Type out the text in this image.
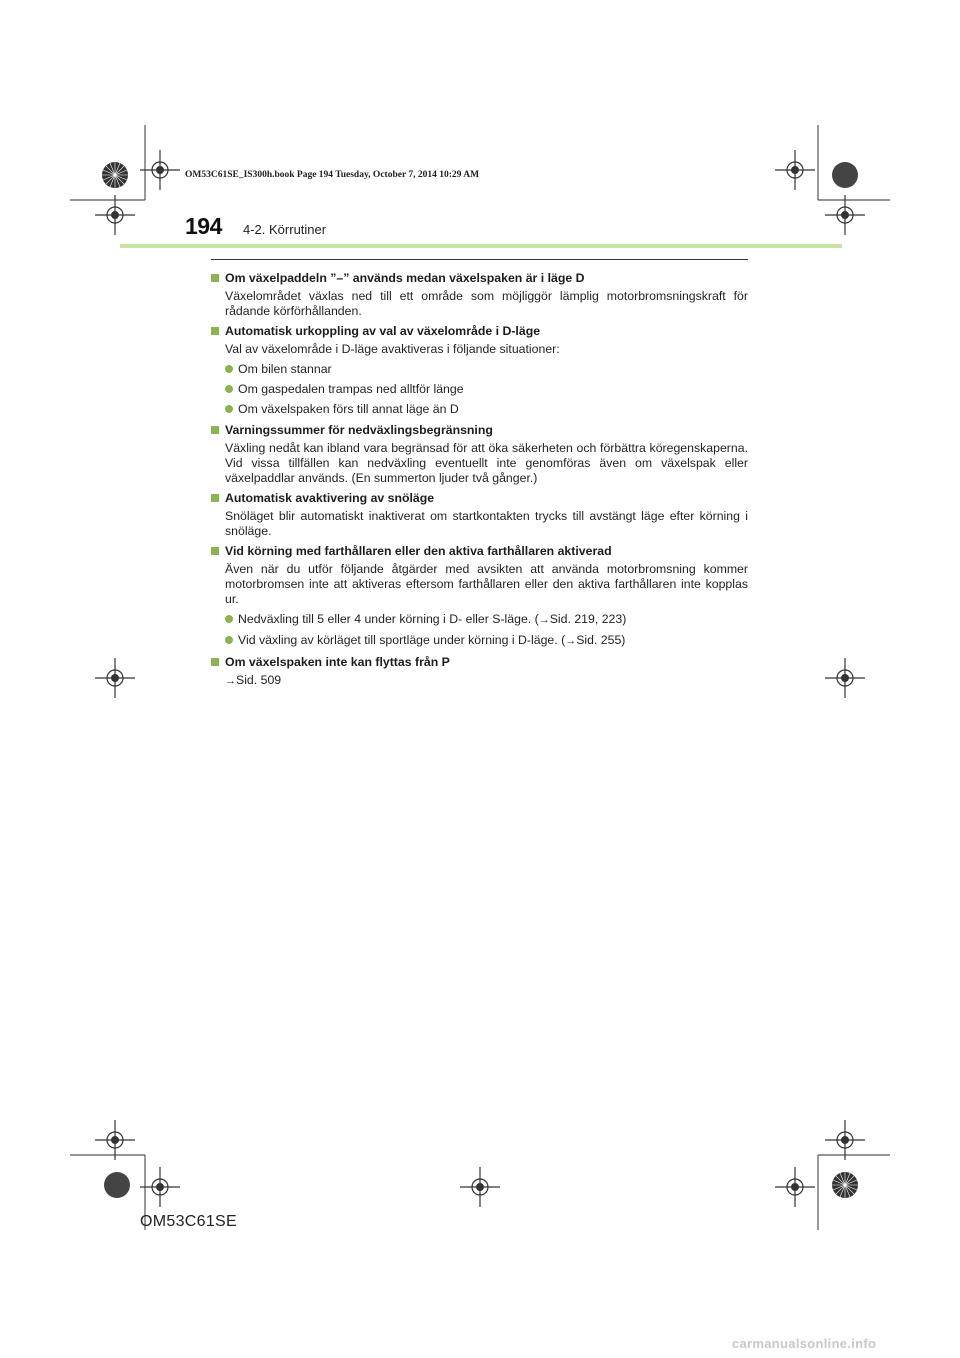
OM53C61SE_IS300h.book Page 194 Tuesday, October 7, 2014 10:29 AM
194 4-2. Körrutiner
Om växelpaddeln ”–” används medan växelspaken är i läge D
Växelområdet växlas ned till ett område som möjliggör lämplig motorbromsningskraft för rådande körförhållanden.
Automatisk urkoppling av val av växelområde i D-läge
Val av växelområde i D-läge avaktiveras i följande situationer:
Om bilen stannar
Om gaspedalen trampas ned alltför länge
Om växelspaken förs till annat läge än D
Varningssummer för nedväxlingsbegränsning
Växling nedåt kan ibland vara begränsad för att öka säkerheten och förbättra köregenskaperna. Vid vissa tillfällen kan nedväxling eventuellt inte genomföras även om växelspak eller växelpaddlar används. (En summerton ljuder två gånger.)
Automatisk avaktivering av snöläge
Snöläget blir automatiskt inaktiverat om startkontakten trycks till avstängt läge efter körning i snöläge.
Vid körning med farthållaren eller den aktiva farthållaren aktiverad
Även när du utför följande åtgärder med avsikten att använda motorbromsning kommer motorbromsen inte att aktiveras eftersom farthållaren eller den aktiva farthållaren inte kopplas ur.
Nedväxling till 5 eller 4 under körning i D- eller S-läge. (→Sid. 219, 223)
Vid växling av körläget till sportläge under körning i D-läge. (→Sid. 255)
Om växelspaken inte kan flyttas från P
→Sid. 509
OM53C61SE
carmanualsonline.info
